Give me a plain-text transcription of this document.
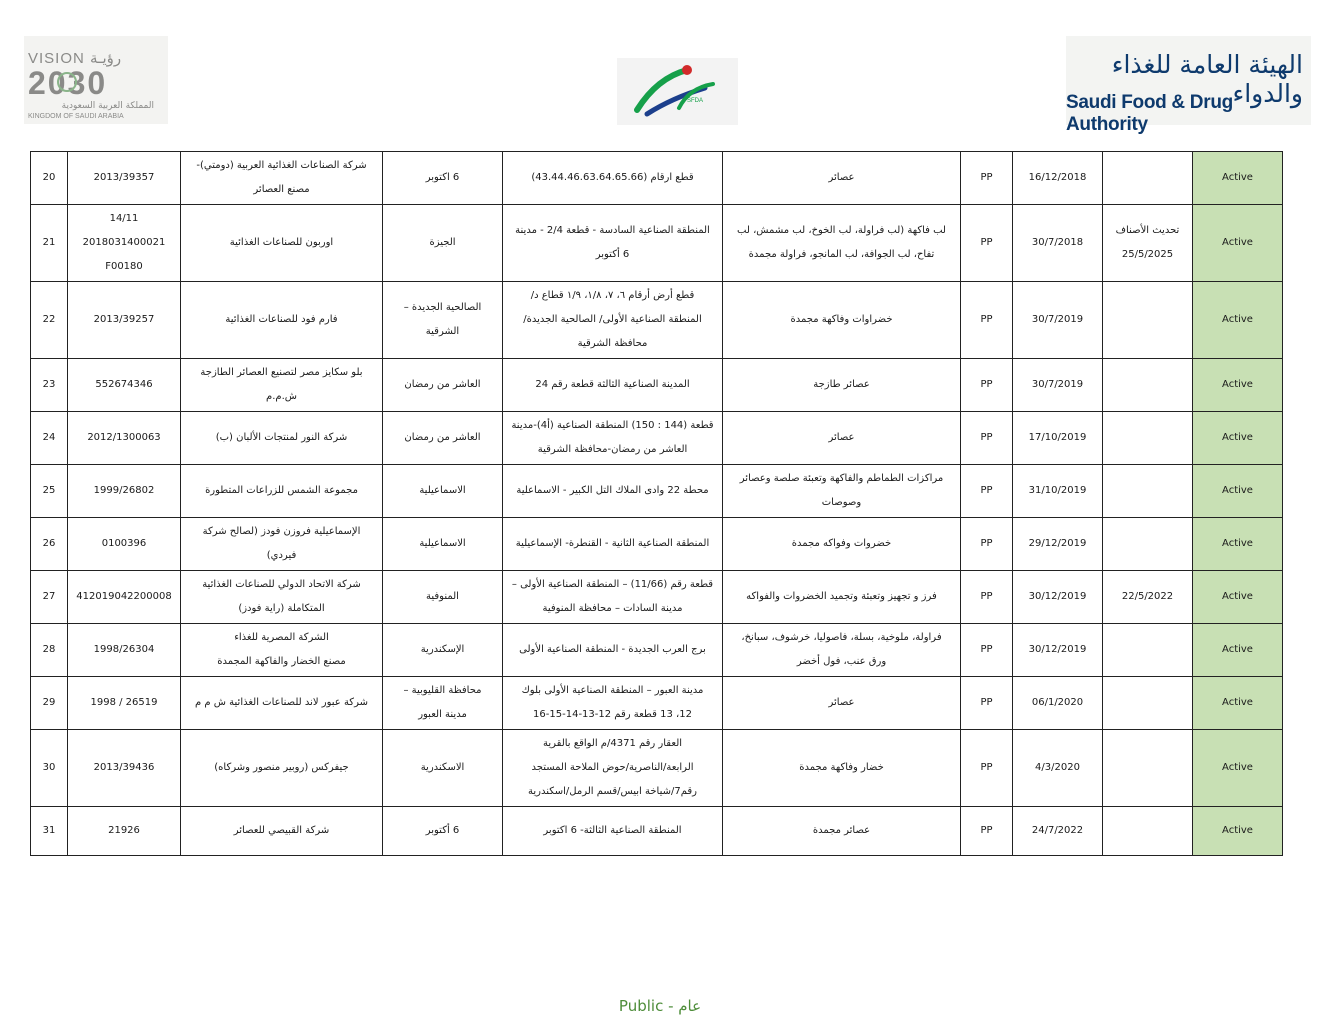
VISION رؤيـة
2030
المملكة العربية السعودية
KINGDOM OF SAUDI ARABIA
SFDA
الهيئة العامة للغذاء والدواء
Saudi Food & Drug Authority
20	2013/39357	شركة الصناعات الغذائية العربية (دومتي)-
مصنع العصائر	6 اكتوبر	قطع ارقام (43.44.46.63.64.65.66)	عصائر	PP	16/12/2018		Active

21	14/11
2018031400021
F00180	اوربون للصناعات الغذائية	الجيزة	المنطقة الصناعية السادسة - قطعة 2/4 - مدينة
6 أكتوبر	لب فاكهة (لب فراولة، لب الخوخ، لب مشمش، لب
تفاح، لب الجوافة، لب المانجو، فراولة مجمدة	PP	30/7/2018	تحديث الأصناف
25/5/2025	Active

22	2013/39257	فارم فود للصناعات الغذائية	الصالحية الجديدة –
الشرقية	قطع أرض أرقام ٦، ٧، ١/٨، ١/٩ قطاع د/
المنطقة الصناعية الأولى/ الصالحية الجديدة/
محافظة الشرقية	خضراوات وفاكهة مجمدة	PP	30/7/2019		Active

23	552674346	بلو سكايز مصر لتصنيع العصائر الطازجة
ش.م.م	العاشر من رمضان	المدينة الصناعية الثالثة قطعة رقم 24	عصائر طازجة	PP	30/7/2019		Active

24	2012/1300063	شركة النور لمنتجات الألبان (ب)	العاشر من رمضان	قطعة (144 : 150) المنطقة الصناعية (أ4)-مدينة
العاشر من رمضان-محافظة الشرقية	عصائر	PP	17/10/2019		Active

25	1999/26802	مجموعة الشمس للزراعات المتطورة	الاسماعيلية	محطة 22 وادى الملاك التل الكبير - الاسماعلية	مراكزات الطماطم والفاكهة وتعبئة صلصة وعصائر
وصوصات	PP	31/10/2019		Active

26	0100396	الإسماعيلية فروزن فودز (لصالح شركة
فيردي)	الاسماعيلية	المنطقة الصناعية الثانية - القنطرة- الإسماعيلية	خضروات وفواكه مجمدة	PP	29/12/2019		Active

27	412019042200008	شركة الاتحاد الدولي للصناعات الغذائية
المتكاملة (راية فودز)	المنوفية	قطعة رقم (11/66) – المنطقة الصناعية الأولى –
مدينة السادات – محافظة المنوفية	فرز و تجهيز وتعبئة وتجميد الخضروات والفواكه	PP	30/12/2019	22/5/2022	Active

28	1998/26304	الشركة المصرية للغذاء
مصنع الخضار والفاكهة المجمدة	الإسكندرية	برج العرب الجديدة - المنطقة الصناعية الأولى	فراولة، ملوخية، بسلة، فاصوليا، خرشوف، سبانخ،
ورق عنب، فول أخضر	PP	30/12/2019		Active

29	1998 / 26519	شركة عبور لاند للصناعات الغذائية ش م م	محافظة القليوبية –
مدينة العبور	مدينة العبور – المنطقة الصناعية الأولى بلوك
12، 13 قطعة رقم 12-13-14-15-16	عصائر	PP	06/1/2020		Active

30	2013/39436	جيفركس (روبير منصور وشركاه)	الاسكندرية	العقار رقم 4371/م الواقع بالقرية
الرابعة/الناصرية/حوض الملاحة المستجد
رقم7/شياخة ابيس/قسم الرمل/اسكندرية	خضار وفاكهة مجمدة	PP	4/3/2020		Active

31	21926	شركة القبيصي للعصائر	6 أكتوبر	المنطقة الصناعية الثالثة- 6 اكتوبر	عصائر مجمدة	PP	24/7/2022		Active
Public - عام
